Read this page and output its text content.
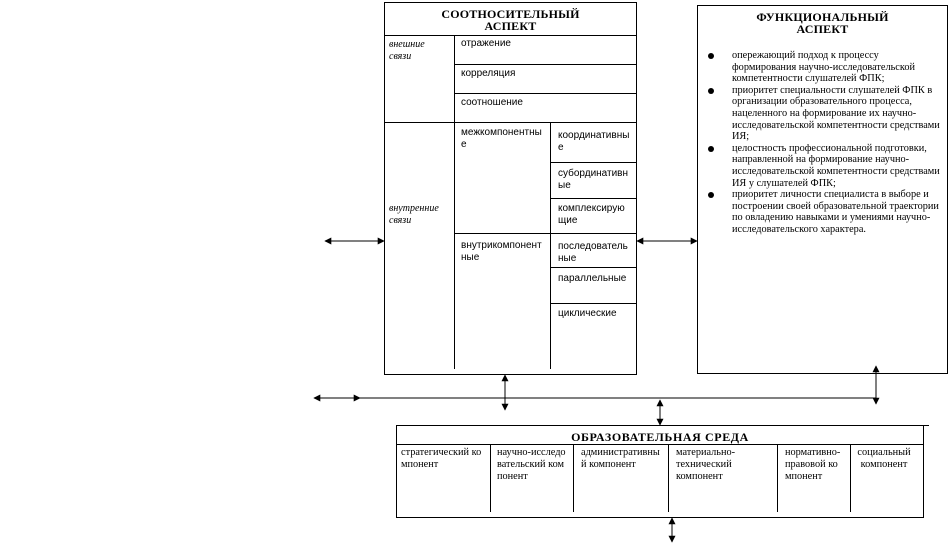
СООТНОСИТЕЛЬНЫЙ
АСПЕКТ
внешние связи
отражение
корреляция
соотношение
внутренние связи
межкомпонентные
координативные
субординативные
комплексирующие
внутрикомпонентные
последовательные
параллельные
циклические
ФУНКЦИОНАЛЬНЫЙ
АСПЕКТ
опережающий подход к процессу формирования научно-исследовательской компетентности слушателей ФПК;
приоритет специальности слушателей ФПК в организации образовательного процесса, нацеленного на формирование их научно-исследовательской компетентности средствами ИЯ;
целостность профессиональной подготовки, направленной на формирование научно-исследовательской компетентности средствами ИЯ у слушателей ФПК;
приоритет личности специалиста в выборе и построении своей образовательной траектории по овладению навыками и умениями научно-исследовательского характера.
ОБРАЗОВАТЕЛЬНАЯ СРЕДА
стратегический компонент
научно-исследовательский компонент
административный компонент
материально-технический компонент
нормативно-правовой компонент
социальный компонент
